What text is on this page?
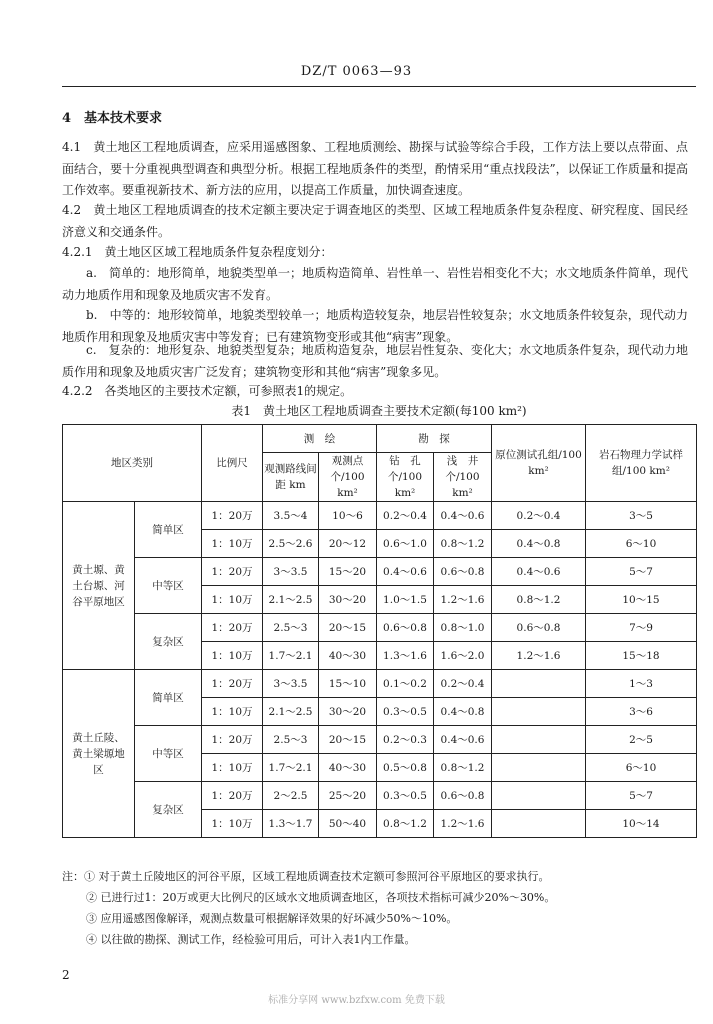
DZ/T 0063—93
4　基本技术要求
4.1　黄土地区工程地质调查，应采用遥感图象、工程地质测绘、勘探与试验等综合手段，工作方法上要以点带面、点面结合，要十分重视典型调查和典型分析。根据工程地质条件的类型，酌情采用“重点找段法”，以保证工作质量和提高工作效率。要重视新技术、新方法的应用，以提高工作质量，加快调查速度。
4.2　黄土地区工程地质调查的技术定额主要决定于调查地区的类型、区域工程地质条件复杂程度、研究程度、国民经济意义和交通条件。
4.2.1　黄土地区区域工程地质条件复杂程度划分：
a.　简单的：地形简单，地貌类型单一；地质构造简单、岩性单一、岩性岩相变化不大；水文地质条件简单，现代动力地质作用和现象及地质灾害不发育。
b.　中等的：地形较简单，地貌类型较单一；地质构造较复杂，地层岩性较复杂；水文地质条件较复杂，现代动力地质作用和现象及地质灾害中等发育；已有建筑物变形或其他“病害”现象。
c.　复杂的：地形复杂、地貌类型复杂；地质构造复杂，地层岩性复杂、变化大；水文地质条件复杂，现代动力地质作用和现象及地质灾害广泛发育；建筑物变形和其他“病害”现象多见。
4.2.2　各类地区的主要技术定额，可参照表1的规定。
表1　黄土地区工程地质调查主要技术定额(每100 km²)
地区类别		比例尺	测　绘		勘　探		原位测试孔组/100 km²	岩石物理力学试样组/100 km²
			观测路线间距 km	观测点个/100 km²	钻　孔个/100 km²	浅　井个/100 km²		
黄土塬、黄土台塬、河谷平原地区	简单区	1：20万	3.5～4	10～6	0.2～0.4	0.4～0.6	0.2～0.4	3～5
		1：10万	2.5～2.6	20～12	0.6～1.0	0.8～1.2	0.4～0.8	6～10
	中等区	1：20万	3～3.5	15～20	0.4～0.6	0.6～0.8	0.4～0.6	5～7
		1：10万	2.1～2.5	30～20	1.0～1.5	1.2～1.6	0.8～1.2	10～15
	复杂区	1：20万	2.5～3	20～15	0.6～0.8	0.8～1.0	0.6～0.8	7～9
		1：10万	1.7～2.1	40～30	1.3～1.6	1.6～2.0	1.2～1.6	15～18
黄土丘陵、黄土梁塬地区	简单区	1：20万	3～3.5	15～10	0.1～0.2	0.2～0.4		1～3
		1：10万	2.1～2.5	30～20	0.3～0.5	0.4～0.8		3～6
	中等区	1：20万	2.5～3	20～15	0.2～0.3	0.4～0.6		2～5
		1：10万	1.7～2.1	40～30	0.5～0.8	0.8～1.2		6～10
	复杂区	1：20万	2～2.5	25～20	0.3～0.5	0.6～0.8		5～7
		1：10万	1.3～1.7	50～40	0.8～1.2	1.2～1.6		10～14
注：① 对于黄土丘陵地区的河谷平原，区域工程地质调查技术定额可参照河谷平原地区的要求执行。
② 已进行过1：20万或更大比例尺的区域水文地质调查地区，各项技术指标可减少20%～30%。
③ 应用遥感图像解译，观测点数量可根据解译效果的好坏减少50%～10%。
④ 以往做的勘探、测试工作，经检验可用后，可计入表1内工作量。
2
标准分享网 www.bzfxw.com 免费下载
